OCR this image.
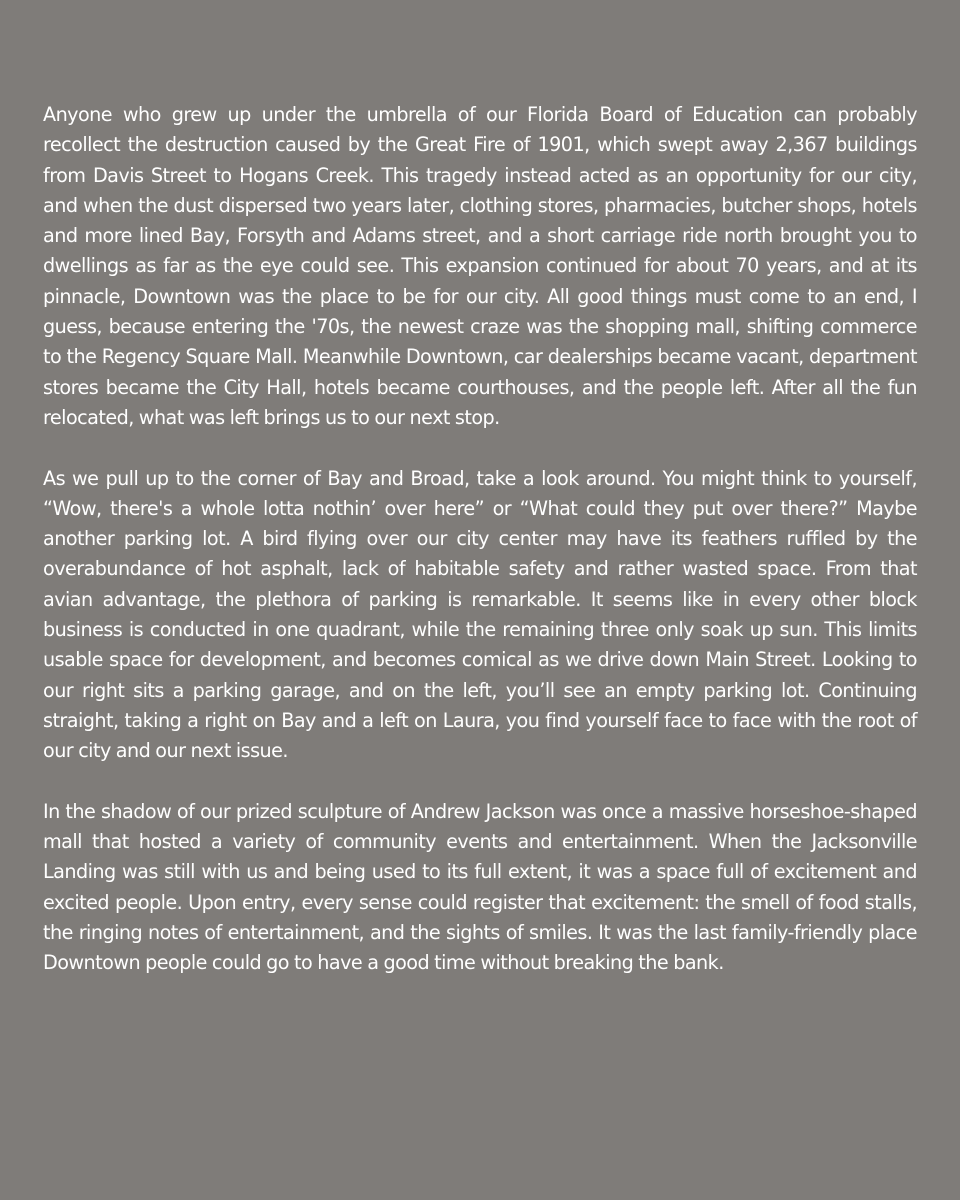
Anyone who grew up under the umbrella of our Florida Board of Education can probably recollect the destruction caused by the Great Fire of 1901, which swept away 2,367 buildings from Davis Street to Hogans Creek. This tragedy instead acted as an opportunity for our city, and when the dust dispersed two years later, clothing stores, pharmacies, butcher shops, hotels and more lined Bay, Forsyth and Adams street, and a short carriage ride north brought you to dwellings as far as the eye could see. This expansion continued for about 70 years, and at its pinnacle, Downtown was the place to be for our city. All good things must come to an end, I guess, because entering the '70s, the newest craze was the shopping mall, shifting commerce to the Regency Square Mall. Meanwhile Downtown, car dealerships became vacant, department stores became the City Hall, hotels became courthouses, and the people left. After all the fun relocated, what was left brings us to our next stop.

As we pull up to the corner of Bay and Broad, take a look around. You might think to yourself, “Wow, there's a whole lotta nothin’ over here” or “What could they put over there?” Maybe another parking lot. A bird flying over our city center may have its feathers ruffled by the overabundance of hot asphalt, lack of habitable safety and rather wasted space. From that avian advantage, the plethora of parking is remarkable. It seems like in every other block business is conducted in one quadrant, while the remaining three only soak up sun. This limits usable space for development, and becomes comical as we drive down Main Street. Looking to our right sits a parking garage, and on the left, you’ll see an empty parking lot. Continuing straight, taking a right on Bay and a left on Laura, you find yourself face to face with the root of our city and our next issue.

In the shadow of our prized sculpture of Andrew Jackson was once a massive horseshoe-shaped mall that hosted a variety of community events and entertainment. When the Jacksonville Landing was still with us and being used to its full extent, it was a space full of excitement and excited people. Upon entry, every sense could register that excitement: the smell of food stalls, the ringing notes of entertainment, and the sights of smiles. It was the last family-friendly place Downtown people could go to have a good time without breaking the bank.
